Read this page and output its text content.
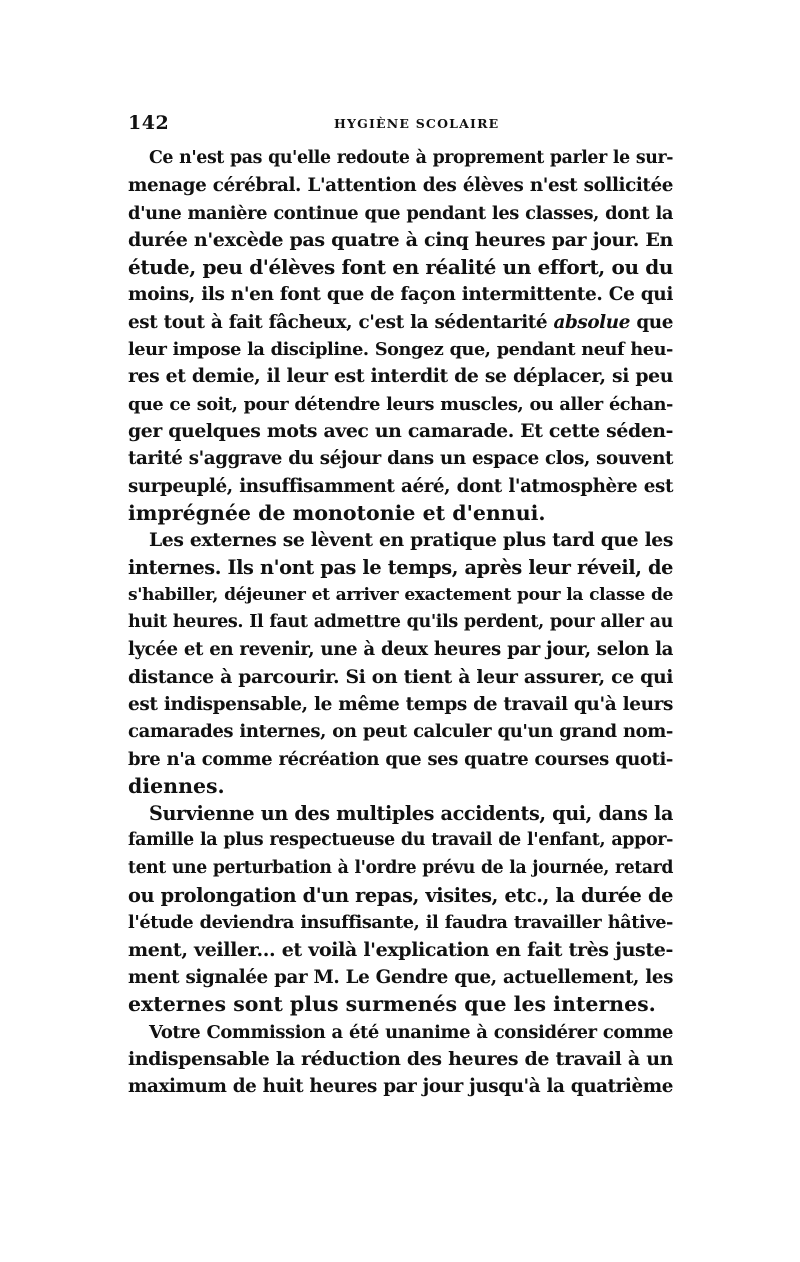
142	HYGIÈNE SCOLAIRE
Ce n'est pas qu'elle redoute à proprement parler le sur-
menage cérébral. L'attention des élèves n'est sollicitée
d'une manière continue que pendant les classes, dont la
durée n'excède pas quatre à cinq heures par jour. En
étude, peu d'élèves font en réalité un effort, ou du
moins, ils n'en font que de façon intermittente. Ce qui
est tout à fait fâcheux, c'est la sédentarité absolue que
leur impose la discipline. Songez que, pendant neuf heu-
res et demie, il leur est interdit de se déplacer, si peu
que ce soit, pour détendre leurs muscles, ou aller échan-
ger quelques mots avec un camarade. Et cette séden-
tarité s'aggrave du séjour dans un espace clos, souvent
surpeuplé, insuffisamment aéré, dont l'atmosphère est
imprégnée de monotonie et d'ennui.
Les externes se lèvent en pratique plus tard que les
internes. Ils n'ont pas le temps, après leur réveil, de
s'habiller, déjeuner et arriver exactement pour la classe de
huit heures. Il faut admettre qu'ils perdent, pour aller au
lycée et en revenir, une à deux heures par jour, selon la
distance à parcourir. Si on tient à leur assurer, ce qui
est indispensable, le même temps de travail qu'à leurs
camarades internes, on peut calculer qu'un grand nom-
bre n'a comme récréation que ses quatre courses quoti-
diennes.
Survienne un des multiples accidents, qui, dans la
famille la plus respectueuse du travail de l'enfant, appor-
tent une perturbation à l'ordre prévu de la journée, retard
ou prolongation d'un repas, visites, etc., la durée de
l'étude deviendra insuffisante, il faudra travailler hâtive-
ment, veiller... et voilà l'explication en fait très juste-
ment signalée par M. Le Gendre que, actuellement, les
externes sont plus surmenés que les internes.
Votre Commission a été unanime à considérer comme
indispensable la réduction des heures de travail à un
maximum de huit heures par jour jusqu'à la quatrième
